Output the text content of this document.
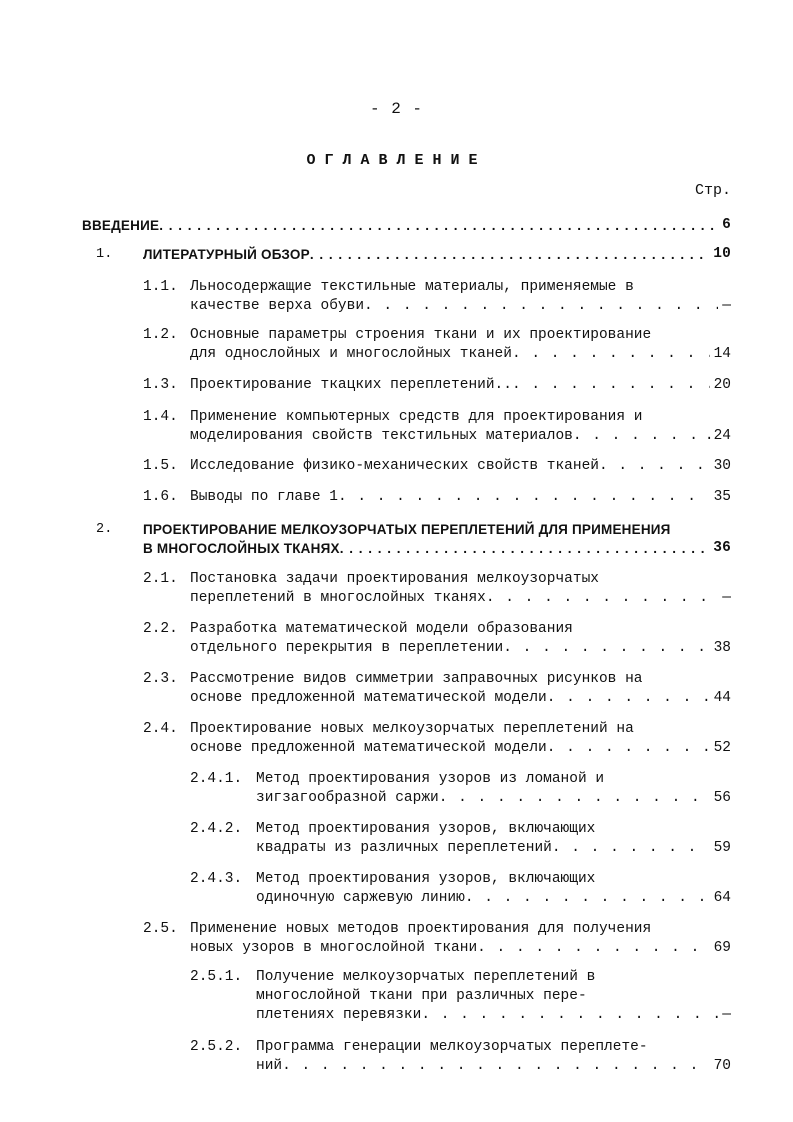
- 2 -
ОГЛАВЛЕНИЕ
Стр.
ВВЕДЕНИЕ . . .	6
1. ЛИТЕРАТУРНЫЙ ОБЗОР . . .	10
1.1. Льносодержащие текстильные материалы, применяемые в
качестве верха обуви . . .	—
1.2. Основные параметры строения ткани и их проектирование
для однослойных и многослойных тканей . . .	14
1.3. Проектирование ткацких переплетений.. . . .	20
1.4. Применение компьютерных средств для проектирования и
моделирования свойств текстильных материалов . . .	.24
1.5. Исследование физико-механических свойств тканей . . .	30
1.6. Выводы по главе 1 . . .	35
2. ПРОЕКТИРОВАНИЕ МЕЛКОУЗОРЧАТЫХ ПЕРЕПЛЕТЕНИЙ ДЛЯ ПРИМЕНЕНИЯ
В МНОГОСЛОЙНЫХ ТКАНЯХ . . .	36
2.1. Постановка задачи проектирования мелкоузорчатых
переплетений в многослойных тканях . . .	—
2.2. Разработка математической модели образования
отдельного перекрытия в переплетении . . .	38
2.3. Рассмотрение видов симметрии заправочных рисунков на
основе предложенной математической модели . . .	44
2.4. Проектирование новых мелкоузорчатых переплетений на
основе предложенной математической модели . . .	52
2.4.1. Метод проектирования узоров из ломаной и
зигзагообразной саржи . . .	56
2.4.2. Метод проектирования узоров, включающих
квадраты из различных переплетений . . .	59
2.4.3. Метод проектирования узоров, включающих
одиночную саржевую линию . . .	64
2.5. Применение новых методов проектирования для получения
новых узоров в многослойной ткани . . .	69
2.5.1. Получение мелкоузорчатых переплетений в
многослойной ткани при различных пере-
плетениях перевязки . . .	—
2.5.2. Программа генерации мелкоузорчатых переплете-
ний . . .	70
